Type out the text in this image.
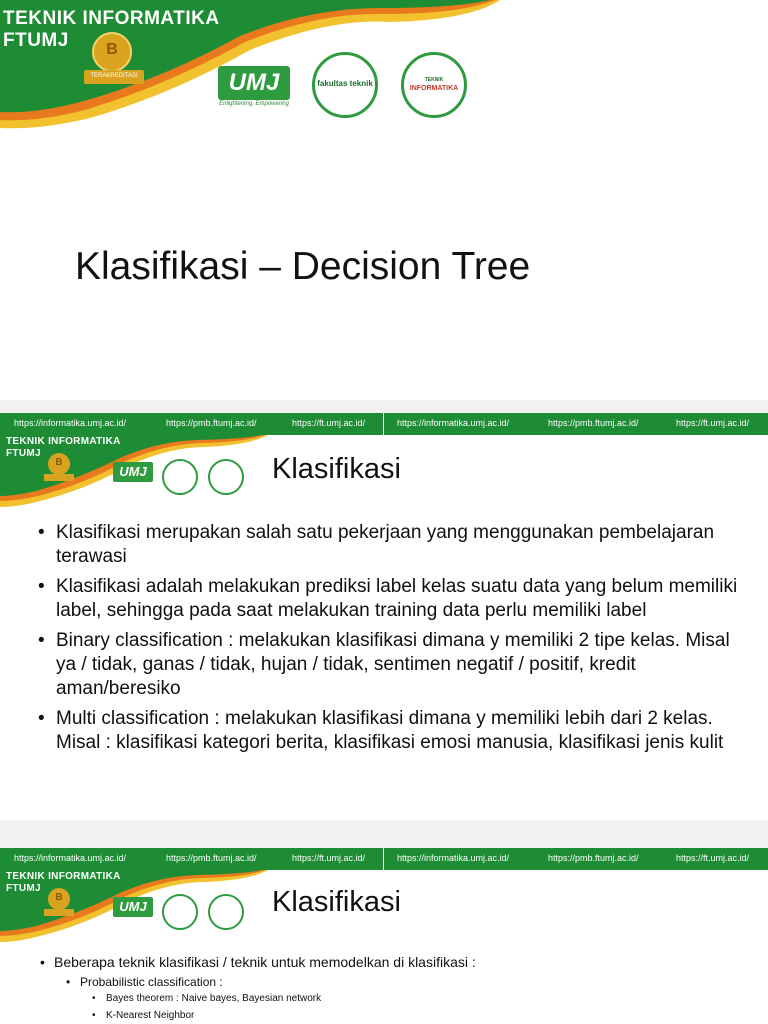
TEKNIK INFORMATIKA
FTUMJ	B
TERAKREDITASI	UMJ
Enlightening, Empowering
fakultas teknik	TEKNIK
INFORMATIKA
Klasifikasi – Decision Tree
https://informatika.umj.ac.id/	https://pmb.ftumj.ac.id/	https://ft.umj.ac.id/	https://informatika.umj.ac.id/	https://pmb.ftumj.ac.id/	https://ft.umj.ac.id/
TEKNIK INFORMATIKA
FTUMJ
B
UMJ	Klasifikasi
• Klasifikasi merupakan salah satu pekerjaan yang menggunakan pembelajaran terawasi
• Klasifikasi adalah melakukan prediksi label kelas suatu data yang belum memiliki label, sehingga pada saat melakukan training data perlu memiliki label
• Binary classification : melakukan klasifikasi dimana y memiliki 2 tipe kelas. Misal ya / tidak, ganas / tidak, hujan / tidak, sentimen negatif / positif, kredit aman/beresiko
• Multi classification : melakukan klasifikasi dimana y memiliki lebih dari 2 kelas. Misal : klasifikasi kategori berita, klasifikasi emosi manusia, klasifikasi jenis kulit
https://informatika.umj.ac.id/	https://pmb.ftumj.ac.id/	https://ft.umj.ac.id/	https://informatika.umj.ac.id/	https://pmb.ftumj.ac.id/	https://ft.umj.ac.id/
TEKNIK INFORMATIKA
FTUMJ
B
UMJ	Klasifikasi
• Beberapa teknik klasifikasi / teknik untuk memodelkan di klasifikasi :
• Probabilistic classification :
• Bayes theorem : Naive bayes, Bayesian network
• K-Nearest Neighbor
